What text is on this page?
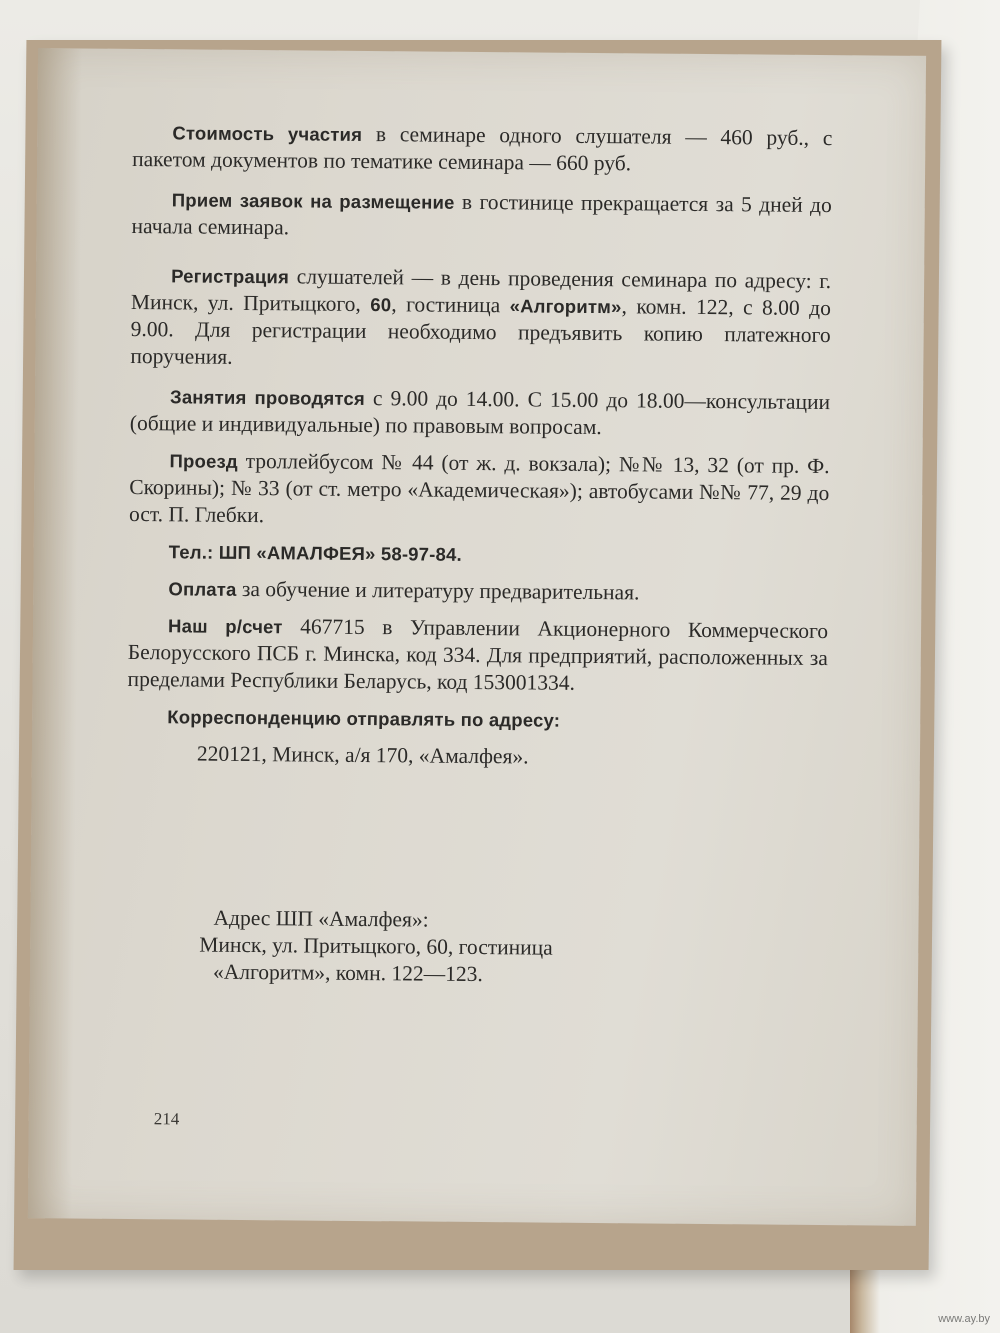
Стоимость участия в семинаре одного слушателя — 460 руб., с пакетом документов по тематике семинара — 660 руб.

Прием заявок на размещение в гостинице прекращается за 5 дней до начала семинара.

Регистрация слушателей — в день проведения семинара по адресу: г. Минск, ул. Притыцкого, 60, гостиница «Алгоритм», комн. 122, с 8.00 до 9.00. Для регистрации необходимо предъявить копию платежного поручения.

Занятия проводятся с 9.00 до 14.00. С 15.00 до 18.00—консультации (общие и индивидуальные) по правовым вопросам.

Проезд троллейбусом № 44 (от ж. д. вокзала); №№ 13, 32 (от пр. Ф. Скорины); № 33 (от ст. метро «Академическая»); автобусами №№ 77, 29 до ост. П. Глебки.

Тел.: ШП «АМАЛФЕЯ» 58-97-84.

Оплата за обучение и литературу предварительная.

Наш р/счет 467715 в Управлении Акционерного Коммерческого Белорусского ПСБ г. Минска, код 334. Для предприятий, расположенных за пределами Республики Беларусь, код 153001334.

Корреспонденцию отправлять по адресу:

220121, Минск, а/я 170, «Амалфея».

Адрес ШП «Амалфея»:
Минск, ул. Притыцкого, 60, гостиница
«Алгоритм», комн. 122—123.
214
www.ay.by
